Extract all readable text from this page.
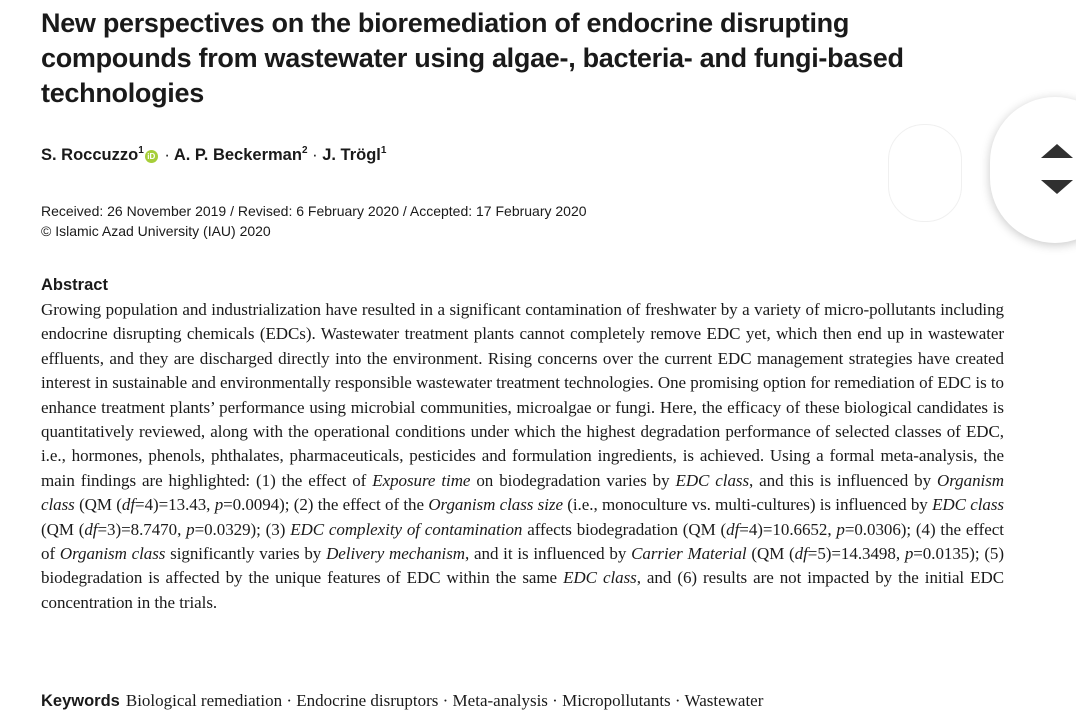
New perspectives on the bioremediation of endocrine disrupting compounds from wastewater using algae-, bacteria- and fungi-based technologies

S. Roccuzzo$^1$iD · A. P. Beckerman$^2$ · J. Trögl$^1$

Received: 26 November 2019 / Revised: 6 February 2020 / Accepted: 17 February 2020
© Islamic Azad University (IAU) 2020

Abstract

Growing population and industrialization have resulted in a significant contamination of freshwater by a variety of micro-pollutants including endocrine disrupting chemicals (EDCs). Wastewater treatment plants cannot completely remove EDC yet, which then end up in wastewater effluents, and they are discharged directly into the environment. Rising concerns over the current EDC management strategies have created interest in sustainable and environmentally responsible wastewater treatment technologies. One promising option for remediation of EDC is to enhance treatment plants’ performance using microbial communities, microalgae or fungi. Here, the efficacy of these biological candidates is quantitatively reviewed, along with the operational conditions under which the highest degradation performance of selected classes of EDC, i.e., hormones, phenols, phthalates, pharmaceuticals, pesticides and formulation ingredients, is achieved. Using a formal meta-analysis, the main findings are highlighted: (1) the effect of Exposure time on biodegradation varies by EDC class, and this is influenced by Organism class (QM (df=4)=13.43, p=0.0094); (2) the effect of the Organism class size (i.e., monoculture vs. multi-cultures) is influenced by EDC class (QM (df=3)=8.7470, p=0.0329); (3) EDC complexity of contamination affects biodegradation (QM (df=4)=10.6652, p=0.0306); (4) the effect of Organism class significantly varies by Delivery mechanism, and it is influenced by Carrier Material (QM (df=5)=14.3498, p=0.0135); (5) biodegradation is affected by the unique features of EDC within the same EDC class, and (6) results are not impacted by the initial EDC concentration in the trials.

Keywords Biological remediation · Endocrine disruptors · Meta-analysis · Micropollutants · Wastewater
